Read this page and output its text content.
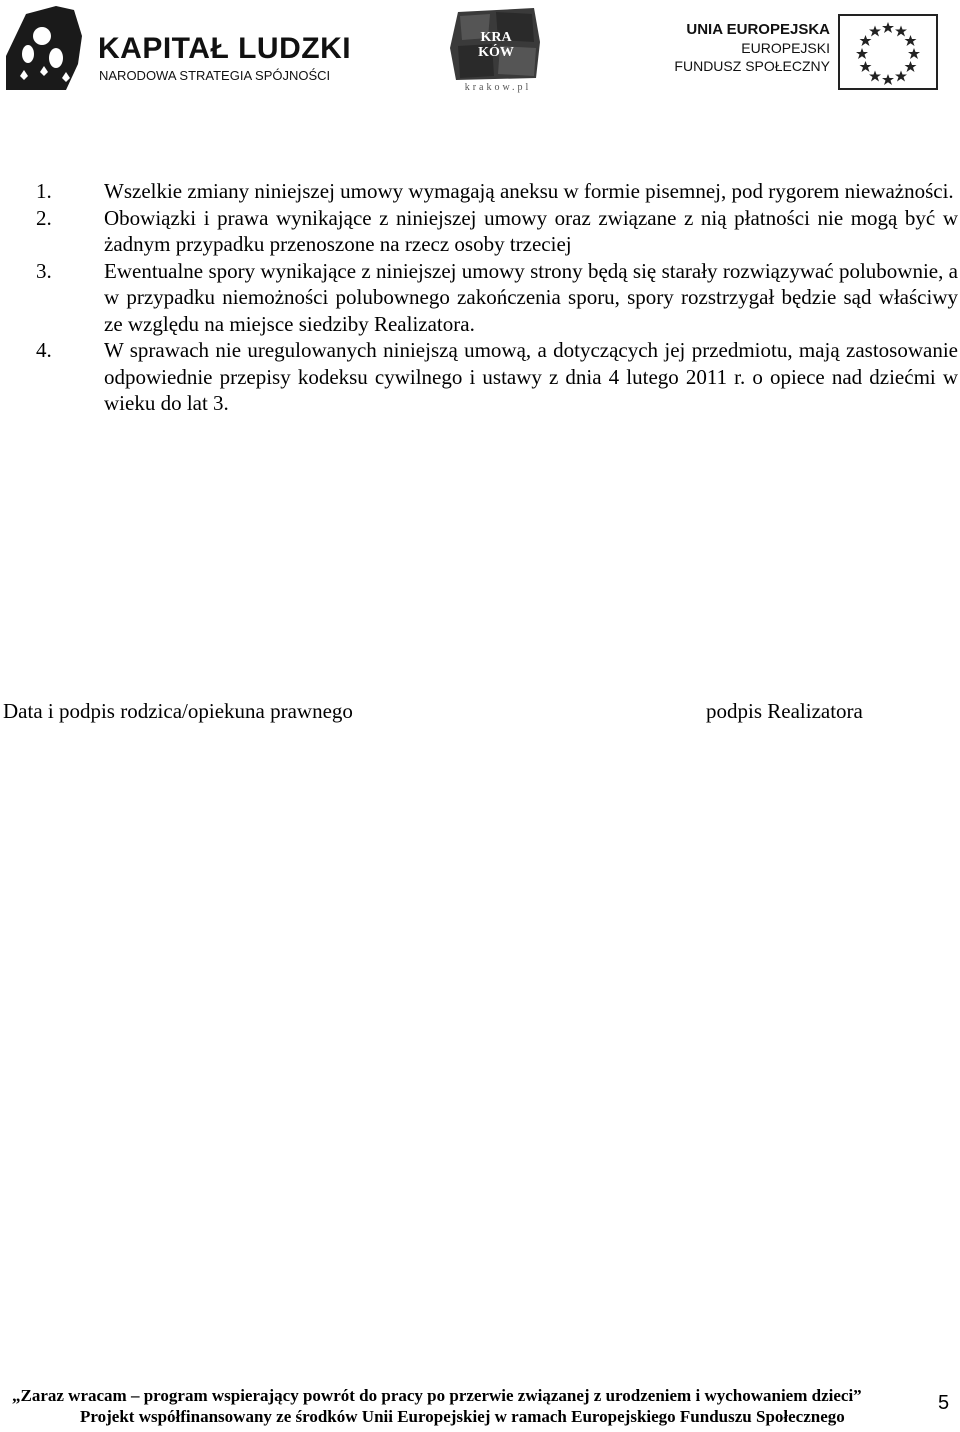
KAPITAŁ LUDZKI
NARODOWA STRATEGIA SPÓJNOŚCI
KRA
KÓW
krakow.pl
UNIA EUROPEJSKA
EUROPEJSKI
FUNDUSZ SPOŁECZNY
1. Wszelkie zmiany niniejszej umowy wymagają aneksu w formie pisemnej, pod rygorem nieważności.
2. Obowiązki i prawa wynikające z niniejszej umowy oraz związane z nią płatności nie mogą być w żadnym przypadku przenoszone na rzecz osoby trzeciej
3. Ewentualne spory wynikające z niniejszej umowy strony będą się starały rozwiązywać polubownie, a w przypadku niemożności polubownego zakończenia sporu, spory rozstrzygał będzie sąd właściwy ze względu na miejsce siedziby Realizatora.
4. W sprawach nie uregulowanych niniejszą umową, a dotyczących jej przedmiotu, mają zastosowanie odpowiednie przepisy kodeksu cywilnego i ustawy z dnia 4 lutego 2011 r. o opiece nad dziećmi w wieku do lat 3.
Data i podpis rodzica/opiekuna prawnego	podpis Realizatora
„Zaraz wracam – program wspierający powrót do pracy po przerwie związanej z urodzeniem i wychowaniem dzieci”
Projekt współfinansowany ze środków Unii Europejskiej w ramach Europejskiego Funduszu Społecznego
5
